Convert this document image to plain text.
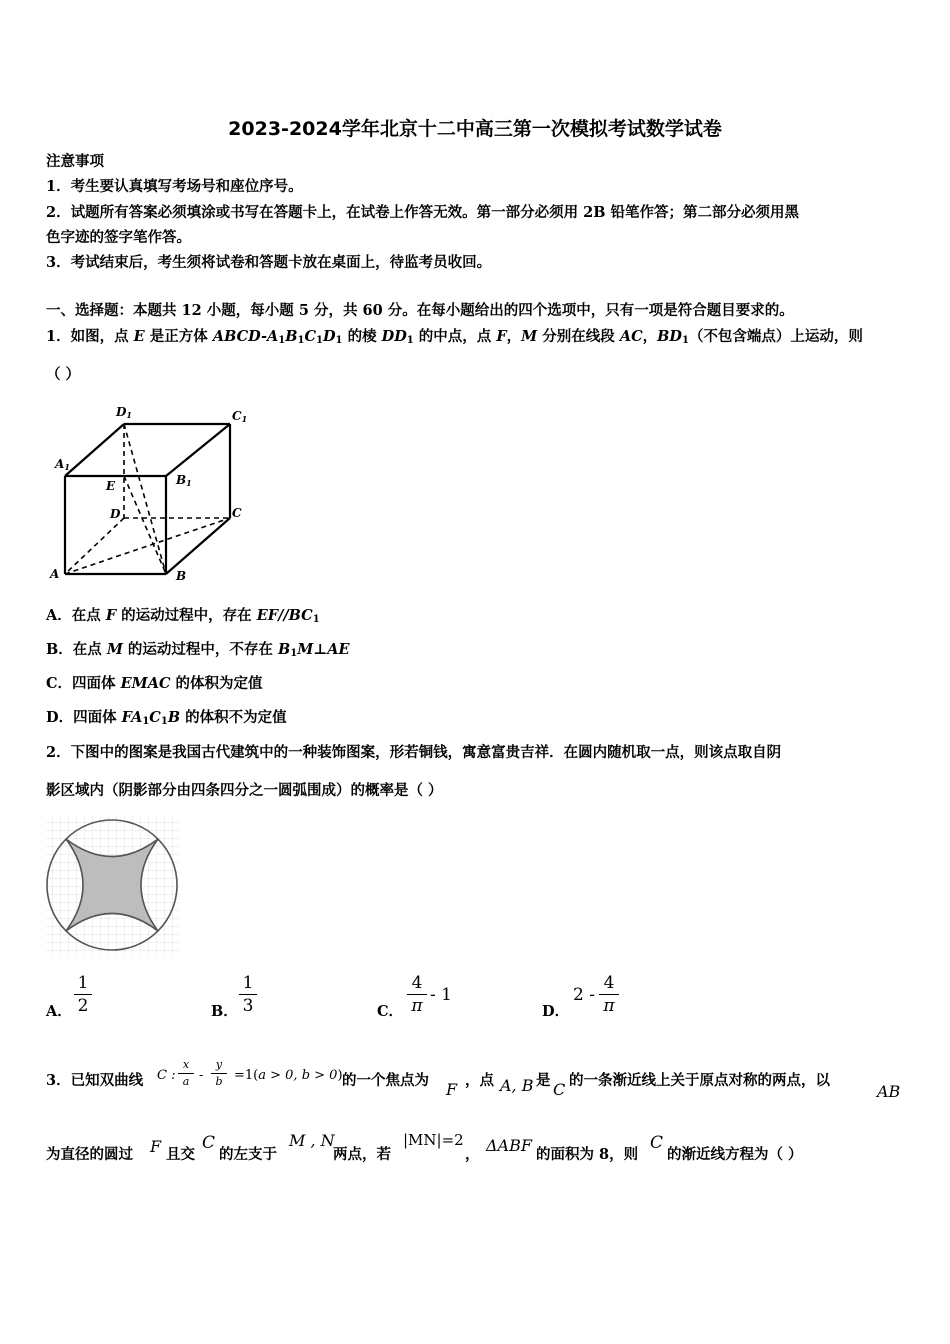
2023-2024学年北京十二中高三第一次模拟考试数学试卷
注意事项
1．考生要认真填写考场号和座位序号。
2．试题所有答案必须填涂或书写在答题卡上，在试卷上作答无效。第一部分必须用 2B 铅笔作答；第二部分必须用黑
色字迹的签字笔作答。
3．考试结束后，考生须将试卷和答题卡放在桌面上，待监考员收回。
一、选择题：本题共 12 小题，每小题 5 分，共 60 分。在每小题给出的四个选项中，只有一项是符合题目要求的。
1．如图，点 E 是正方体 ABCD-$A_1B_1C_1D_1$ 的棱 $DD_1$ 的中点，点 F，M 分别在线段 AC，$BD_1$（不包含端点）上运动，则
（ ）
D1	C1
A1
B1
E
D	C
A	B
A．在点 F 的运动过程中，存在 $EF//BC_1$
B．在点 M 的运动过程中，不存在 $B_1M\perp AE$
C．四面体 EMAC 的体积为定值
D．四面体 $FA_1C_1B$ 的体积不为定值
2．下图中的图案是我国古代建筑中的一种装饰图案，形若铜钱，寓意富贵吉祥．在圆内随机取一点，则该点取自阴
影区域内（阴影部分由四条四分之一圆弧围成）的概率是（ ）
A．
1
2	B．
1
3	C．
4
π
- 1
D．
2 -
4
π
3．已知双曲线 C :
x
a -
y
b =1(a > 0, b > 0) 的一个焦点为 F ，点 A, B 是 C 的一条渐近线上关于原点对称的两点，以
AB
为直径的圆过 F 且交
C
的左支于
M , N
两点，若
|MN|=2
， ΔABF 的面积为 8，则
C
的渐近线方程为（ ）
